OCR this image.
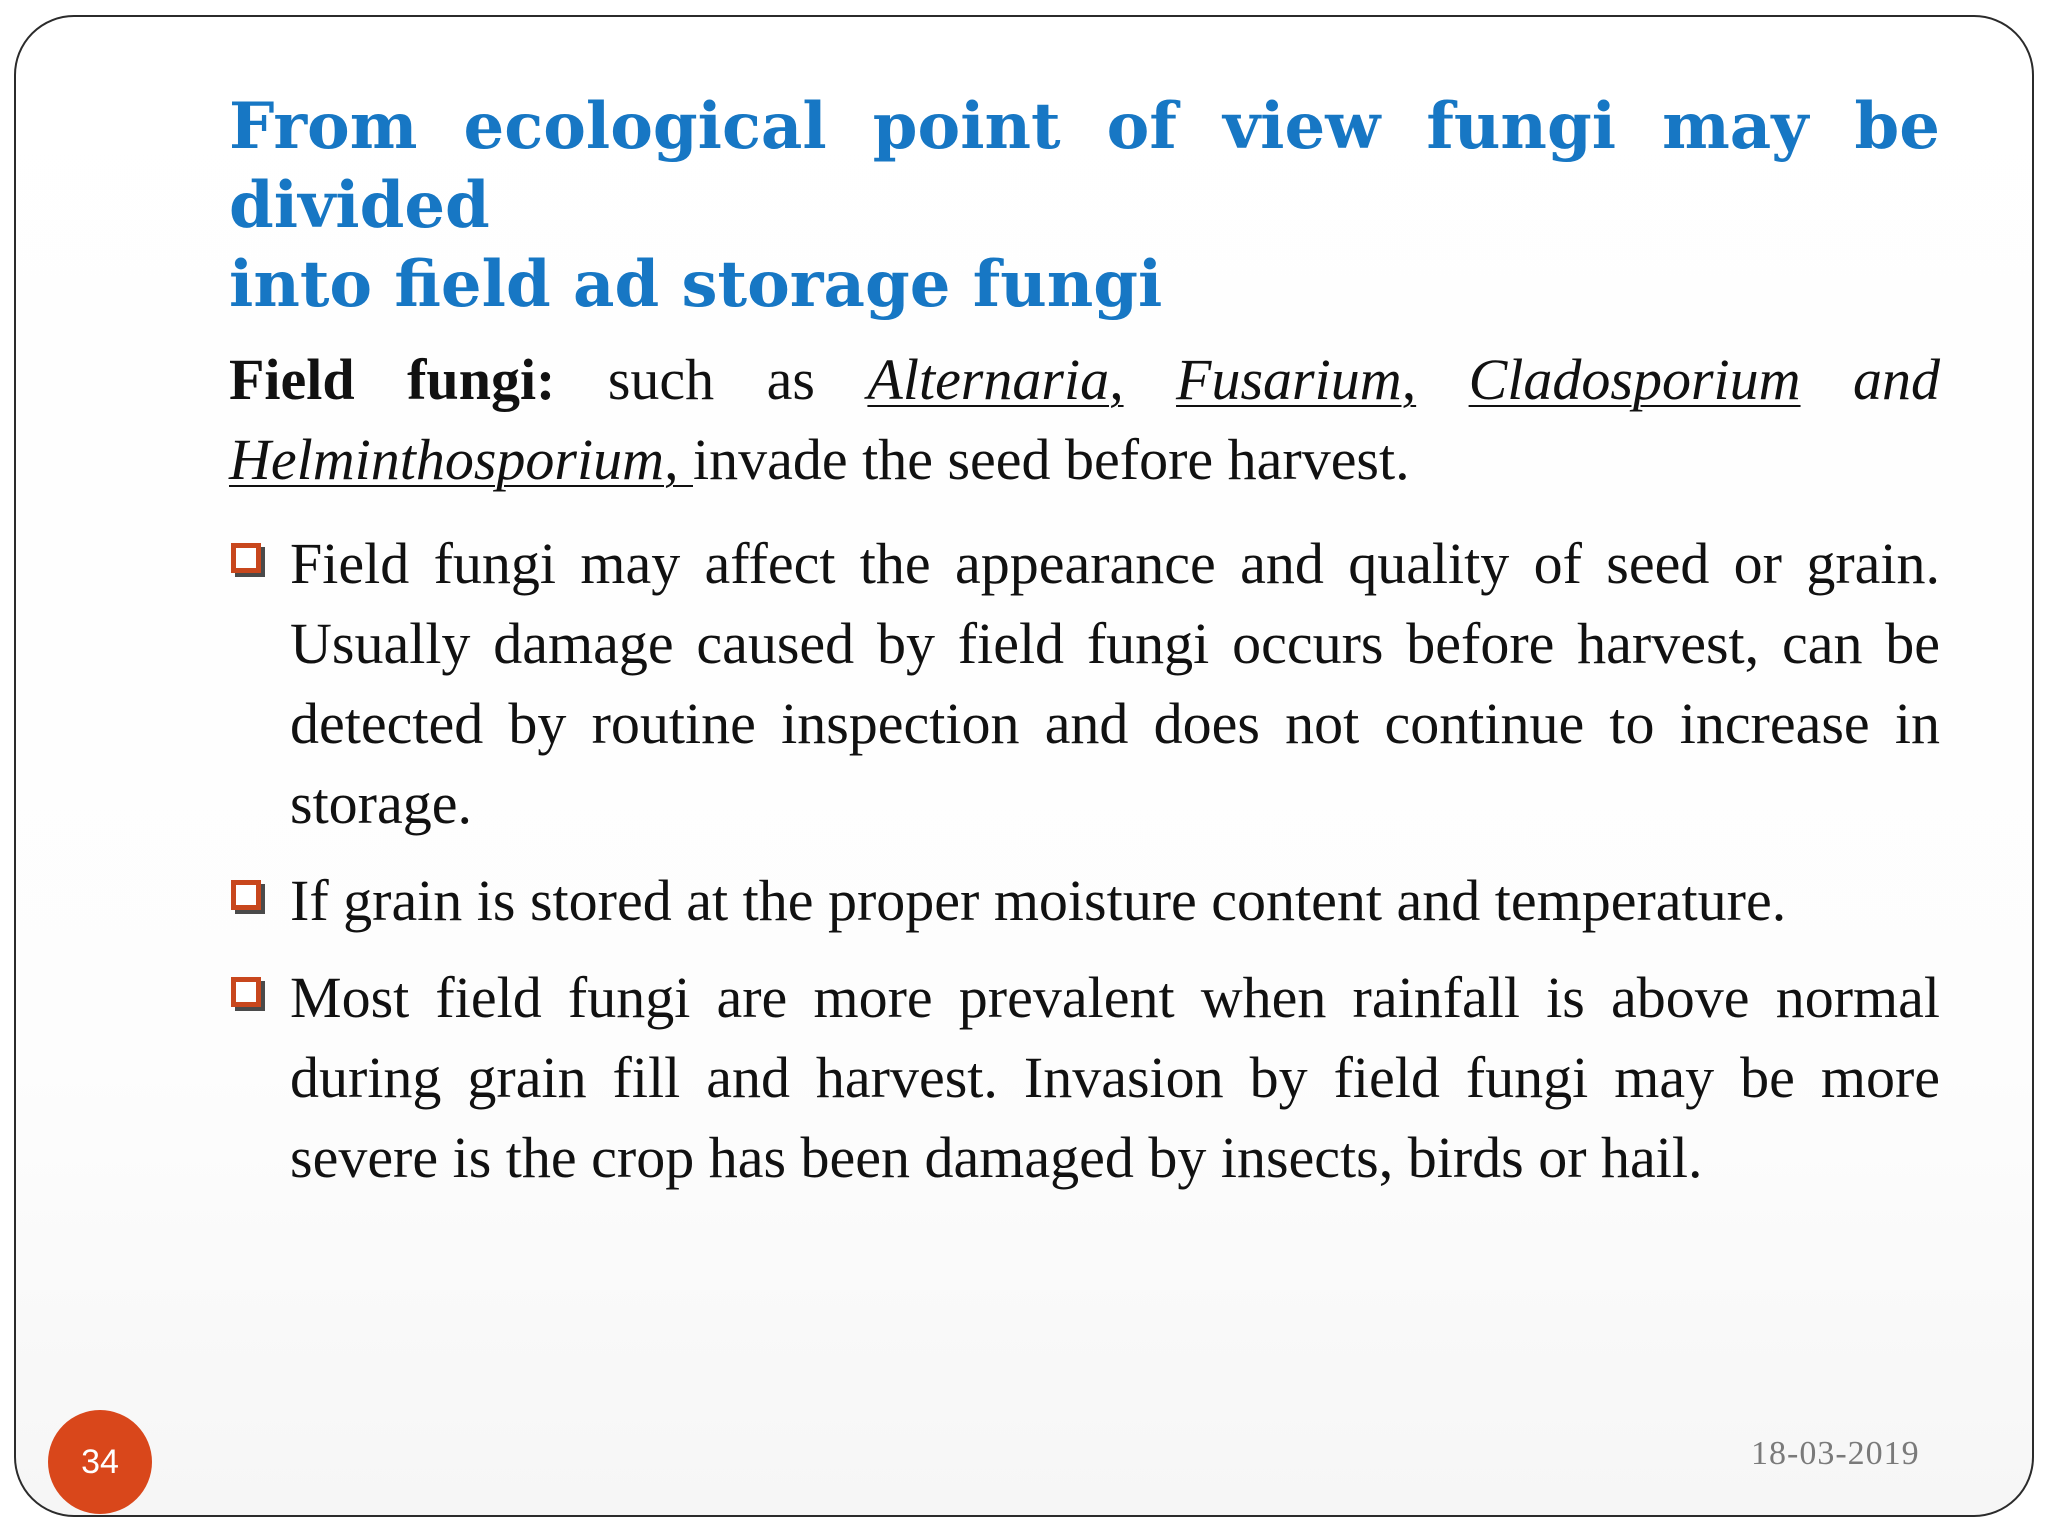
From ecological point of view fungi may be divided
into field ad storage fungi
Field fungi: such as Alternaria, Fusarium, Cladosporium and Helminthosporium, invade the seed before harvest.
Field fungi may affect the appearance and quality of seed or grain. Usually damage caused by field fungi occurs before harvest, can be detected by routine inspection and does not continue to increase in storage.
If grain is stored at the proper moisture content and temperature.
Most field fungi are more prevalent when rainfall is above normal during grain fill and harvest. Invasion by field fungi may be more severe is the crop has been damaged by insects, birds or hail.
34	18-03-2019
